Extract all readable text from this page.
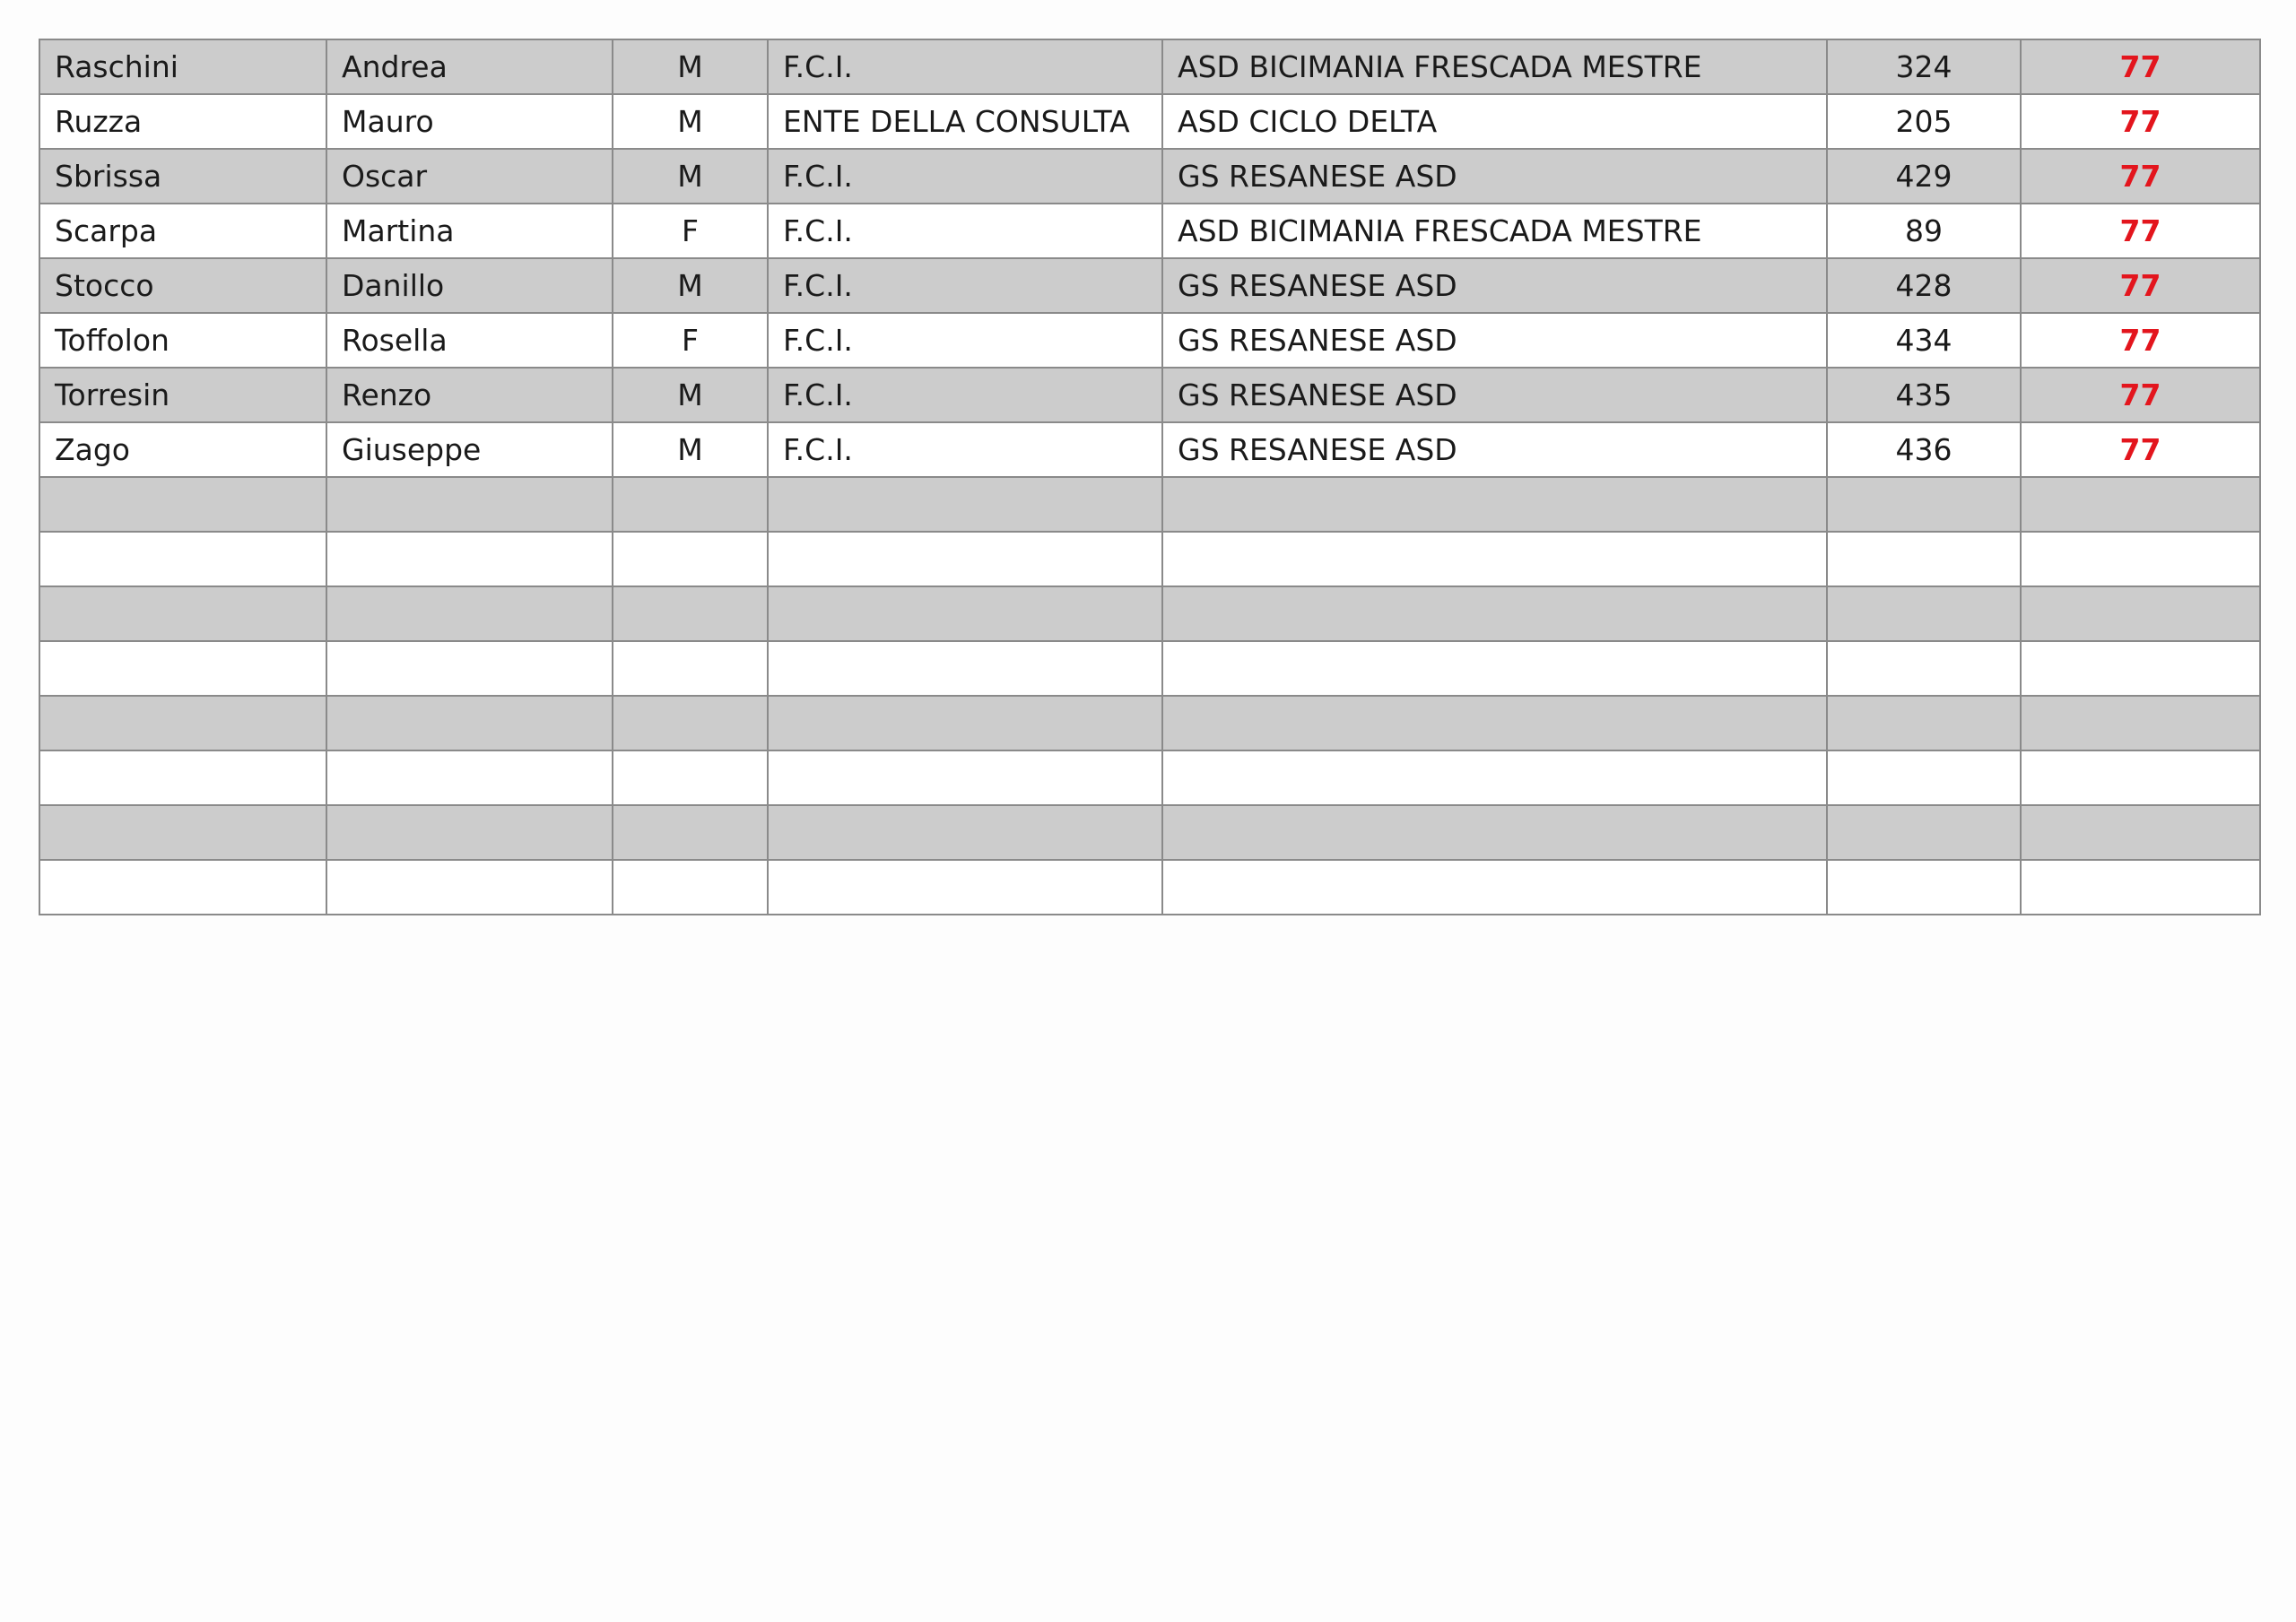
Raschini	Andrea	M	F.C.I.	ASD BICIMANIA FRESCADA MESTRE	324	77
Ruzza	Mauro	M	ENTE DELLA CONSULTA	ASD CICLO DELTA	205	77
Sbrissa	Oscar	M	F.C.I.	GS RESANESE ASD	429	77
Scarpa	Martina	F	F.C.I.	ASD BICIMANIA FRESCADA MESTRE	89	77
Stocco	Danillo	M	F.C.I.	GS RESANESE ASD	428	77
Toffolon	Rosella	F	F.C.I.	GS RESANESE ASD	434	77
Torresin	Renzo	M	F.C.I.	GS RESANESE ASD	435	77
Zago	Giuseppe	M	F.C.I.	GS RESANESE ASD	436	77
